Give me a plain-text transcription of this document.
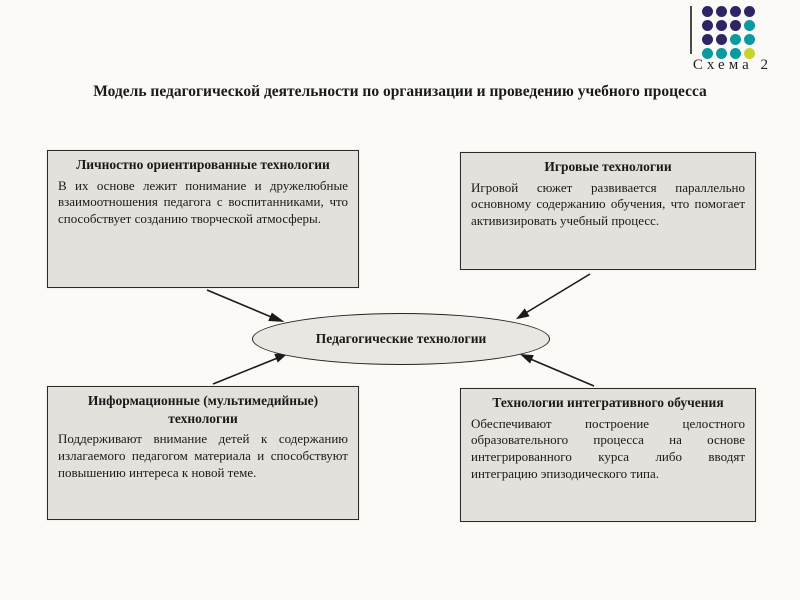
Схема 2
Модель педагогической деятельности по организации и проведению учебного процесса
Личностно ориентированные технологии
В их основе лежит понимание и дружелюбные взаимоотношения педагога с воспитанниками, что способствует созданию творческой атмосферы.
Игровые технологии
Игровой сюжет развивается параллельно основному содержанию обучения, что помогает активизировать учебный процесс.
Информационные (мультимедийные) технологии
Поддерживают внимание детей к содержанию излагаемого педагогом материала и способствуют повышению интереса к новой теме.
Технологии интегративного обучения
Обеспечивают построение целостного образовательного процесса на основе интегрированного курса либо вводят интеграцию эпизодического типа.
Педагогические технологии
